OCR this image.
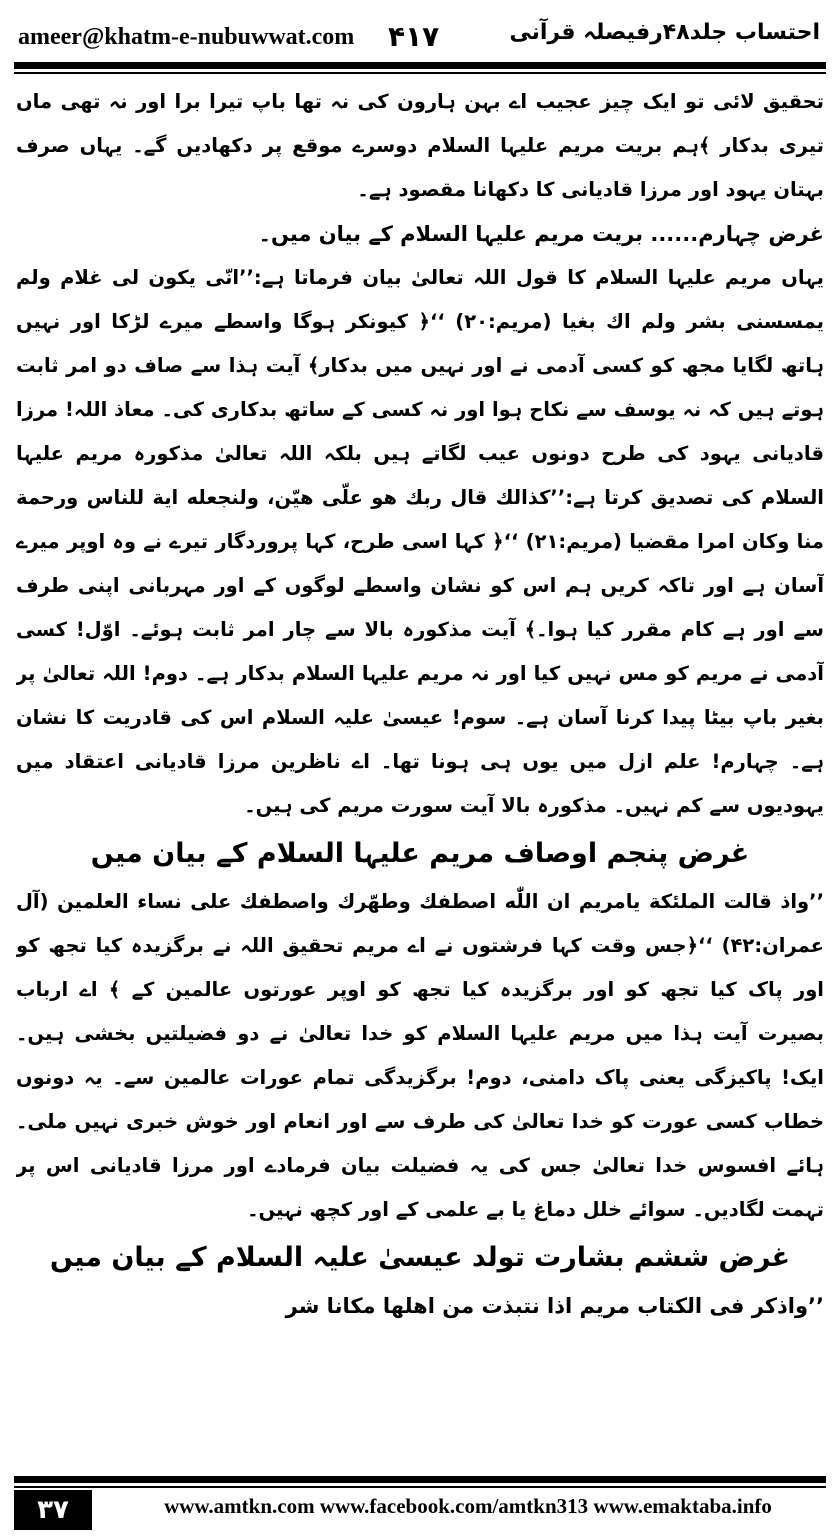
ameer@khatm-e-nubuwwat.com ۴۱۷	احتساب جلد۴۸رفیصلہ قرآنی

تحقیق لائی تو ایک چیز عجیب اے بہن ہارون کی نہ تھا باپ تیرا برا اور نہ تھی ماں تیری بدکار ﴾ہم بریت مریم علیہا السلام دوسرے موقع پر دکھادیں گے۔ یہاں صرف بہتان یہود اور مرزا قادیانی کا دکھانا مقصود ہے۔

غرض چہارم...... بریت مریم علیہا السلام کے بیان میں۔

یہاں مریم علیہا السلام کا قول اللہ تعالیٰ بیان فرماتا ہے:’’انّی یکون لی غلام ولم یمسسنی بشر ولم اك بغیا (مریم:۲۰) ‘‘﴿ کیونکر ہوگا واسطے میرے لڑکا اور نہیں ہاتھ لگایا مجھ کو کسی آدمی نے اور نہیں میں بدکار﴾ آیت ہذا سے صاف دو امر ثابت ہوتے ہیں کہ نہ یوسف سے نکاح ہوا اور نہ کسی کے ساتھ بدکاری کی۔ معاذ اللہ! مرزا قادیانی یہود کی طرح دونوں عیب لگاتے ہیں بلکہ اللہ تعالیٰ مذکورہ مریم علیہا السلام کی تصدیق کرتا ہے:’’کذالك قال ربك هو علّی هیّن، ولنجعله ایة للناس ورحمة منا وکان امرا مقضیا (مریم:۲۱) ‘‘﴿ کہا اسی طرح، کہا پروردگار تیرے نے وہ اوپر میرے آسان ہے اور تاکہ کریں ہم اس کو نشان واسطے لوگوں کے اور مہربانی اپنی طرف سے اور ہے کام مقرر کیا ہوا۔﴾ آیت مذکورہ بالا سے چار امر ثابت ہوئے۔ اوّل! کسی آدمی نے مریم کو مس نہیں کیا اور نہ مریم علیہا السلام بدکار ہے۔ دوم! اللہ تعالیٰ پر بغیر باپ بیٹا پیدا کرنا آسان ہے۔ سوم! عیسیٰ علیہ السلام اس کی قادریت کا نشان ہے۔ چہارم! علم ازل میں یوں ہی ہونا تھا۔ اے ناظرین مرزا قادیانی اعتقاد میں یہودیوں سے کم نہیں۔ مذکورہ بالا آیت سورت مریم کی ہیں۔

غرض پنجم اوصاف مریم علیہا السلام کے بیان میں

’’واذ قالت الملئکة یامریم ان اللّٰه اصطفك وطهّرك واصطفك علی نساء العلمین (آل عمران:۴۲) ‘‘﴿جس وقت کہا فرشتوں نے اے مریم تحقیق اللہ نے برگزیدہ کیا تجھ کو اور پاک کیا تجھ کو اور برگزیدہ کیا تجھ کو اوپر عورتوں عالمین کے ﴾ اے ارباب بصیرت آیت ہذا میں مریم علیہا السلام کو خدا تعالیٰ نے دو فضیلتیں بخشی ہیں۔ ایک! پاکیزگی یعنی پاک دامنی، دوم! برگزیدگی تمام عورات عالمین سے۔ یہ دونوں خطاب کسی عورت کو خدا تعالیٰ کی طرف سے اور انعام اور خوش خبری نہیں ملی۔ ہائے افسوس خدا تعالیٰ جس کی یہ فضیلت بیان فرمادے اور مرزا قادیانی اس پر تہمت لگادیں۔ سوائے خلل دماغ یا بے علمی کے اور کچھ نہیں۔

غرض ششم بشارت تولد عیسیٰ علیہ السلام کے بیان میں

’’واذکر فی الکتاب مریم اذا نتبذت من اهلها مکانا شر

۳۷	www.amtkn.com www.facebook.com/amtkn313 www.emaktaba.info
